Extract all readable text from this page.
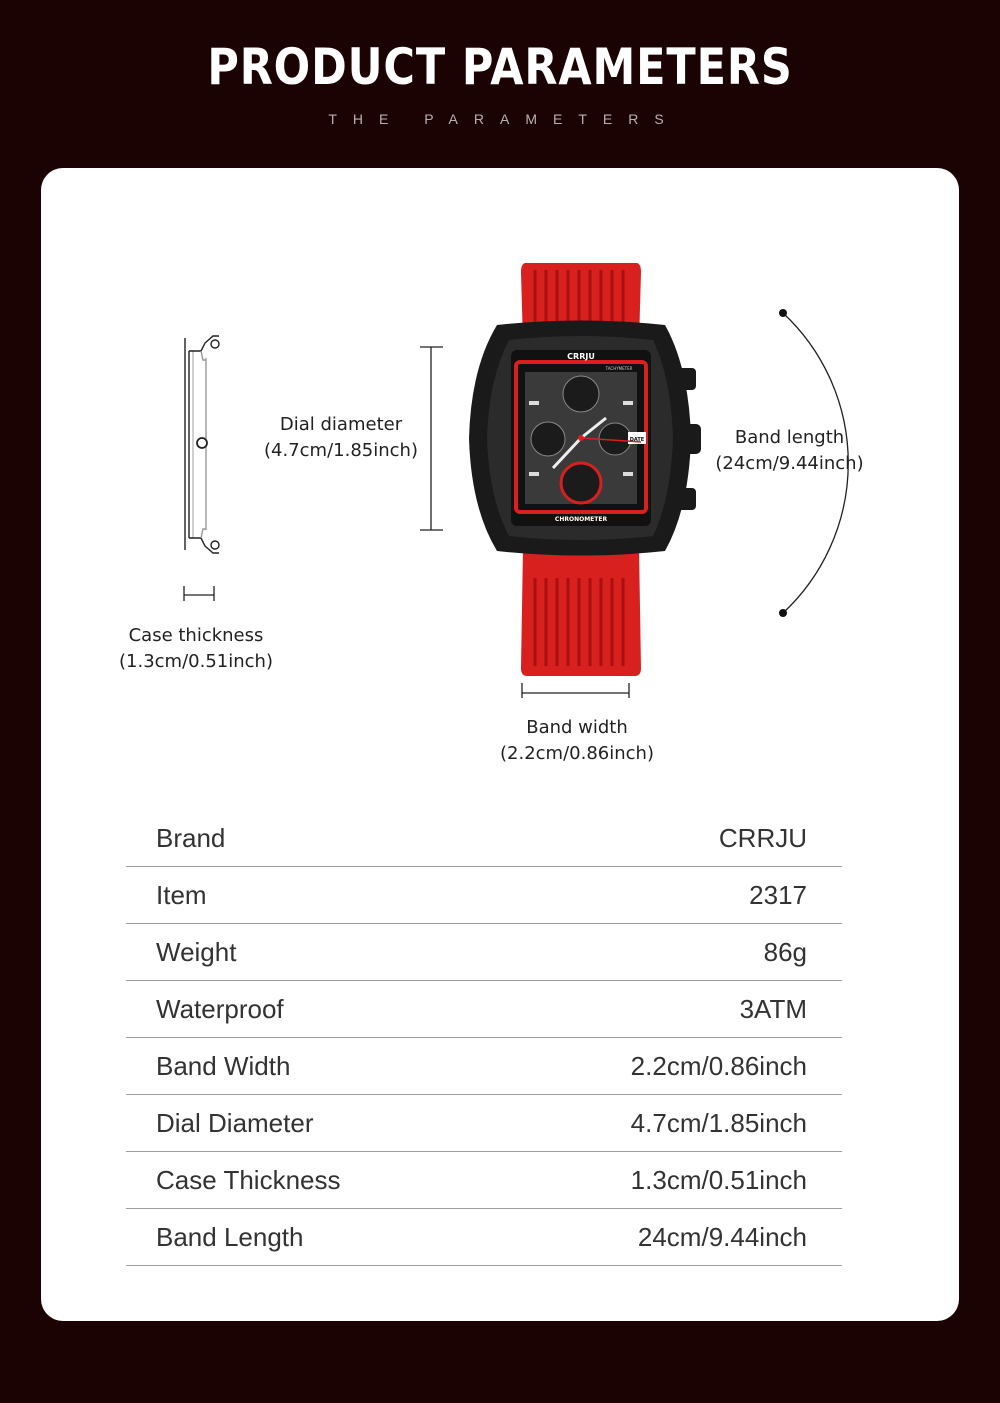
PRODUCT PARAMETERS
THE PARAMETERS
CRRJU
TACHYMETER
DATE
CHRONOMETER
Dial diameter
(4.7cm/1.85inch)
Band length
(24cm/9.44inch)
Case thickness
(1.3cm/0.51inch)
Band width
(2.2cm/0.86inch)
Brand	CRRJU
Item	2317
Weight	86g
Waterproof	3ATM
Band Width	2.2cm/0.86inch
Dial Diameter	4.7cm/1.85inch
Case Thickness	1.3cm/0.51inch
Band Length	24cm/9.44inch
